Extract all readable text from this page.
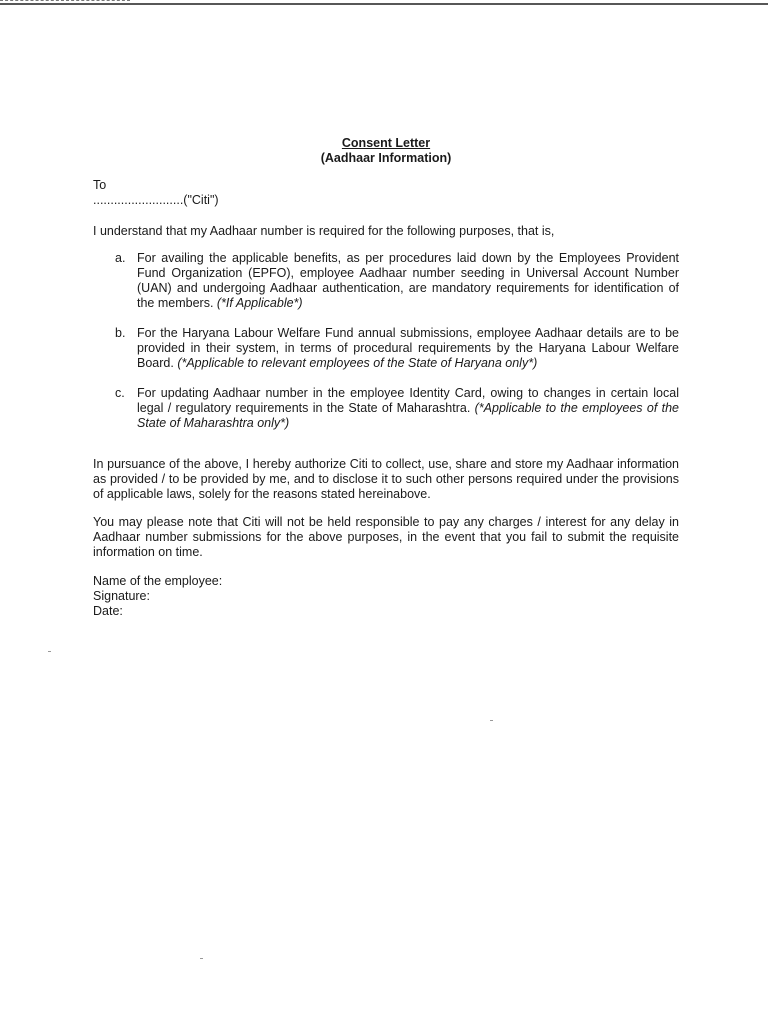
Consent Letter
(Aadhaar Information)
To
..........................("Citi")
I understand that my Aadhaar number is required for the following purposes, that is,
a. For availing the applicable benefits, as per procedures laid down by the Employees Provident Fund Organization (EPFO), employee Aadhaar number seeding in Universal Account Number (UAN) and undergoing Aadhaar authentication, are mandatory requirements for identification of the members. (*If Applicable*)
b. For the Haryana Labour Welfare Fund annual submissions, employee Aadhaar details are to be provided in their system, in terms of procedural requirements by the Haryana Labour Welfare Board. (*Applicable to relevant employees of the State of Haryana only*)
c. For updating Aadhaar number in the employee Identity Card, owing to changes in certain local legal / regulatory requirements in the State of Maharashtra. (*Applicable to the employees of the State of Maharashtra only*)
In pursuance of the above, I hereby authorize Citi to collect, use, share and store my Aadhaar information as provided / to be provided by me, and to disclose it to such other persons required under the provisions of applicable laws, solely for the reasons stated hereinabove.
You may please note that Citi will not be held responsible to pay any charges / interest for any delay in Aadhaar number submissions for the above purposes, in the event that you fail to submit the requisite information on time.
Name of the employee:
Signature:
Date:
